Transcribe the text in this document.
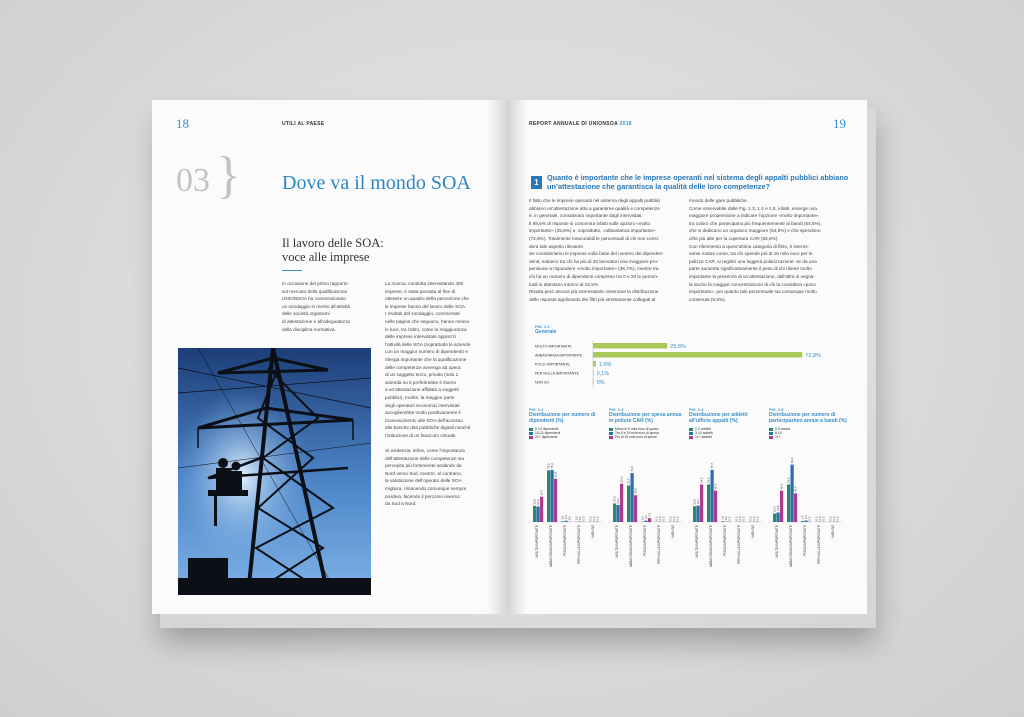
18	UTILI AL PAESE
03 } Dove va il mondo SOA
Il lavoro delle SOA:
voce alle imprese
In occasione del primo rapporto
sul mercato della qualificazione
UNIONSOA ha commissionato
un sondaggio in merito all’attività
delle società organismi
di attestazione e all’adeguatezza
della disciplina normativa.
La ricerca, condotta intervistando 400
imprese, è stata pensata al fine di
ottenere un quadro della percezione che
le imprese hanno del lavoro delle SOA.
I risultati del sondaggio, commentati
nelle pagine che seguono, hanno messo
in luce, tra l’altro, come la maggioranza
delle imprese intervistate apprezzi
l’attività delle SOA (soprattutto le aziende
con un maggior numero di dipendenti) e
ritenga importante che la qualificazione
delle competenze avvenga ad opera
di un soggetto terzo, privato (solo 1
azienda su 5 preferirebbe il ritorno
a un’attestazione affidata a soggetti
pubblici). Inoltre, la maggior parte
degli operatori economici intervistati
accoglierebbe molto positivamente il
riconoscimento alle SOA dell’accesso
alle banche dati pubbliche digitali nonché
l’istituzione di un fascicolo virtuale.

Si evidenzia, infine, come l’importanza
dell’attestazione delle competenze sia
percepita più fortemente andando da
Nord verso Sud, mentre, al contrario,
la valutazione dell’operato delle SOA
migliora, rimanendo comunque sempre
positiva, facendo il percorso inverso:
da Sud a Nord.
REPORT ANNUALE DI UNIONSOA 2018	19
1
Quanto è importante che le imprese operanti nel sistema degli appalti pubblici abbiano
un’attestazione che garantisca la qualità delle loro competenze?
Il fatto che le imprese operanti nel sistema degli appalti pubblici
abbiano un’attestazione atta a garantirne qualità e competenze
è, in generale, considerato importante dagli intervistati.
Il 98,6% di risposte si concentra infatti sulle opzioni «molto
importante» (25,8%) e, soprattutto, «abbastanza importante»
(72,8%). Totalmente trascurabili le percentuali di chi non consi-
dera tale aspetto rilevante.
Se consideriamo le imprese sulla base del numero dei dipenden-
denti, notiamo tra chi ha più di 20 lavoratori una maggiore pro-
pensione a rispondere «molto importante» (36,7%), mentre tra
chi ha un numero di dipendenti compreso tra 0 e 20 le percen-
tuali si attestano intorno al 22,5%.
Risulta però ancora più interessante osservare la distribuzione
delle risposte applicando dei filtri più strettamente collegati al
mondo delle gare pubbliche.
Come osservabile dalle Fig. 1.3, 1.4 e 1.5, infatti, emerge una
maggiore propensione a indicare l’opzione «molto importante»
tra coloro che partecipano più frequentemente ai bandi (54,5%),
che vi dedicano un organico maggiore (54,5%) e che spendono
cifre più alte per la copertura CAR (55,6%).
Con riferimento a quest’ultima categoria di filtro, è interes-
sante notare come, tra chi spende più di 15 mila euro per le
polizze CAR, si registri una leggera polarizzazione: se da una
parte aumenta significativamente il peso di chi ritiene molto
importante la presenza di un’attestazione, dall’altra si segna-
la anche la maggior concentrazione di chi la considera «poco
importante», per quanto tale percentuale sia comunque molto
contenuta (5,5%).
FIG. 1.1
Generale
MOLTO IMPORTANTE	25,8%
ABBASTANZA IMPORTANTE	72,8%
POCO IMPORTANTE	1,0%
PER NULLA IMPORTANTE	0,1%
NON SO	0%
FIG. 1.2
Distribuzione per numero di dipendenti (%)
0-14 dipendenti
15-20 dipendenti
21+ dipendenti
23,5 22,5
36,7
MOLTO IMPORTANTE
75,0 75,6
62,8
ABBASTANZA IMPORTANTE
1,0 1,8 0,5
POCO IMPORTANTE
0,5 0,1 0,0
PER NULLA IMPORTANTE
0,0 0,0 0,0
NON SO
FIG. 1.3
Distribuzione per spesa annua in polizze CAR (%)
Meno di 5 mila euro di spesa
Tra 5 e 15 mila euro di spesa
Più di 15 mila euro di spesa
27,0 24,7
55,6
MOLTO IMPORTANTE
53,0
71,0
38,9
ABBASTANZA IMPORTANTE
0,6 2,0
5,5
POCO IMPORTANTE
0,0 0,0 0,0
PER NULLA IMPORTANTE
0,0 0,0 0,0
NON SO
FIG. 1.4
Distribuzione per addetti all’ufficio appalti (%)
1-2 addetti
3-10 addetti
11+ addetti
22,9 23,7
54,5
MOLTO IMPORTANTE
54,5
75,7
45,5
ABBASTANZA IMPORTANTE
1,0 0,6 0,0
POCO IMPORTANTE
0,0 0,0 0,0
PER NULLA IMPORTANTE
0,0 0,0 0,0
NON SO
FIG. 1.5
Distribuzione per numero di partecipazioni annue a bandi (%)
0-5 annue
6-10
11+
12,3 13,8
45,5
MOLTO IMPORTANTE
54,5
83,3
41,5
ABBASTANZA IMPORTANTE
1,5 2,1 0,0
POCO IMPORTANTE
0,0 0,0 0,0
PER NULLA IMPORTANTE
0,0 0,0 0,0
NON SO
